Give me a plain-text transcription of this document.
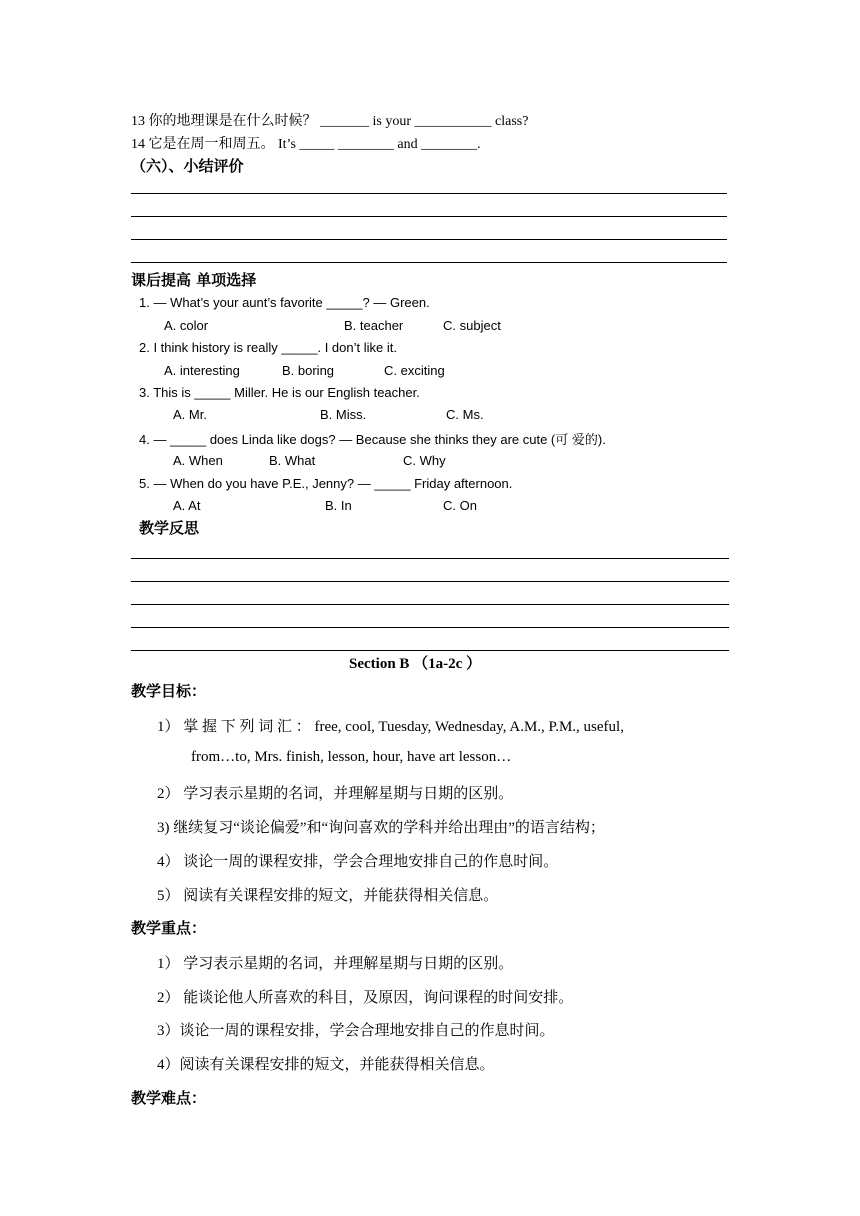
13 你的地理课是在什么时候？ _______ is your ___________ class?
14 它是在周一和周五。 It’s _____ ________ and ________.
（六）、小结评价
课后提高 单项选择
1. — What’s your aunt’s favorite _____? — Green.
A. color	B. teacher	C. subject
2. I think history is really _____. I don’t like it.
A. interesting	B. boring	C. exciting
3. This is _____ Miller. He is our English teacher.
A. Mr.	B. Miss.	C. Ms.
4. — _____ does Linda like dogs? — Because she thinks they are cute (可 爱的).
A. When	B. What	C. Why
5. — When do you have P.E., Jenny? — _____ Friday afternoon.
A. At	B. In	C. On
教学反思
Section B （1a-2c ）
教学目标：
1） 掌 握 下 列 词 汇 ： free, cool, Tuesday, Wednesday, A.M., P.M., useful,
from…to, Mrs. finish, lesson, hour, have art lesson…
2） 学习表示星期的名词，并理解星期与日期的区别。
3) 继续复习“谈论偏爱”和“询问喜欢的学科并给出理由”的语言结构；
4） 谈论一周的课程安排，学会合理地安排自己的作息时间。
5） 阅读有关课程安排的短文，并能获得相关信息。
教学重点：
1） 学习表示星期的名词，并理解星期与日期的区别。
2） 能谈论他人所喜欢的科目，及原因，询问课程的时间安排。
3）谈论一周的课程安排，学会合理地安排自己的作息时间。
4）阅读有关课程安排的短文，并能获得相关信息。
教学难点：
